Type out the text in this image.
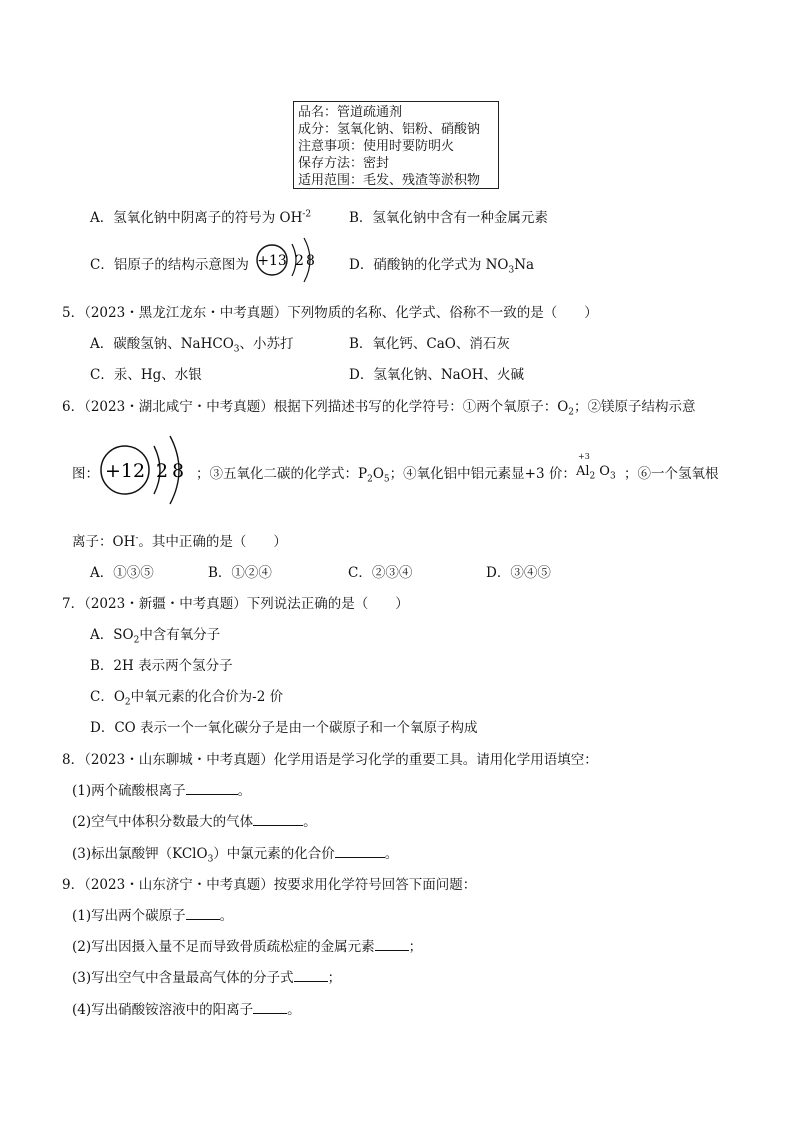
品名：管道疏通剂
成分：氢氧化钠、铝粉、硝酸钠
注意事项：使用时要防明火
保存方法：密封
适用范围：毛发、残渣等淤积物
A．氢氧化钠中阴离子的符号为 $OH^{-2}$	B．氢氧化钠中含有一种金属元素
C．铝原子的结构示意图为 +13 2 8	D．硝酸钠的化学式为 $NO_3Na$
5．（2023・黑龙江龙东・中考真题）下列物质的名称、化学式、俗称不一致的是（　　）
A．碳酸氢钠、NaHCO$_3$、小苏打	B．氧化钙、CaO、消石灰
C．汞、Hg、水银	D．氢氧化钠、NaOH、火碱
6．（2023・湖北咸宁・中考真题）根据下列描述书写的化学符号：①两个氧原子：$O_2$；②镁原子结构示意
图： +12 2 8 ；③五氧化二碳的化学式：$P_2O_5$；④氧化铝中铝元素显+3 价：
+3
$Al_2$ $O_3$ ；⑥一个氢氧根
离子：OH-。其中正确的是（　　）
A．①③⑤	B．①②④	C．②③④	D．③④⑤
7．（2023・新疆・中考真题）下列说法正确的是（　　）
A．$SO_2$中含有氧分子
B．2H 表示两个氢分子
C．$O_2$中氧元素的化合价为-2 价
D．CO 表示一个一氧化碳分子是由一个碳原子和一个氧原子构成
8．（2023・山东聊城・中考真题）化学用语是学习化学的重要工具。请用化学用语填空：
(1)两个硫酸根离子	。
(2)空气中体积分数最大的气体	。
(3)标出氯酸钾（KClO$_3$）中氯元素的化合价	。
9．（2023・山东济宁・中考真题）按要求用化学符号回答下面问题：
(1)写出两个碳原子	。
(2)写出因摄入量不足而导致骨质疏松症的金属元素	；
(3)写出空气中含量最高气体的分子式	；
(4)写出硝酸铵溶液中的阳离子	。
